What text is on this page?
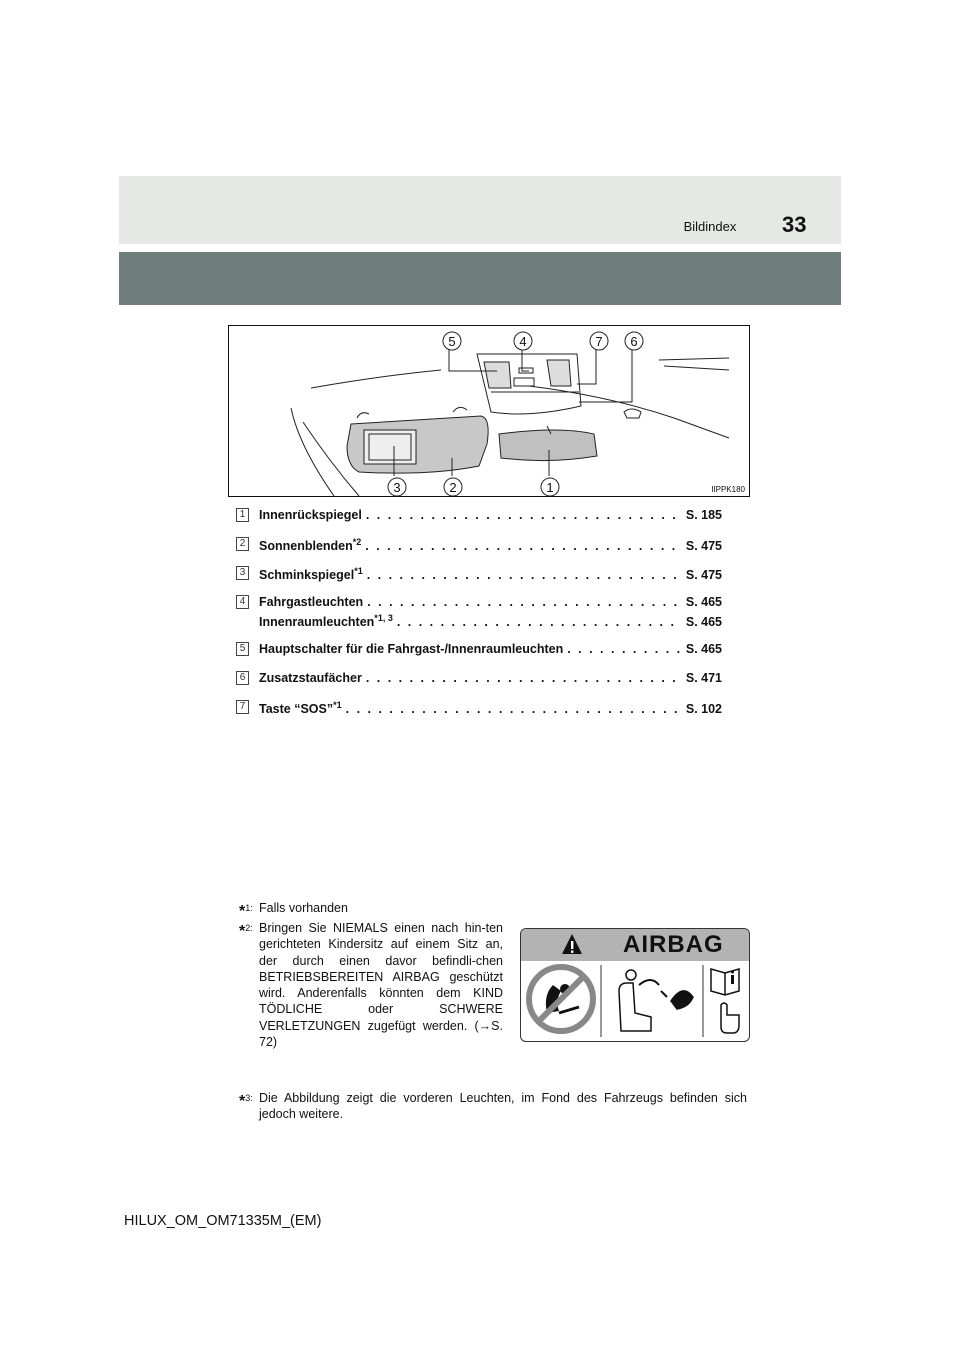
Bildindex	33
5	4	7 6
3	2	1	IIPPK180
1 Innenrückspiegel . . .	S. 185
2 Sonnenblenden$^{*2}$ . . .	S. 475
3 Schminkspiegel$^{*1}$ . . .	S. 475
4 Fahrgastleuchten . . .	S. 465
Innenraumleuchten$^{*1, 3}$ . . .	S. 465
5 Hauptschalter für die Fahrgast-/Innenraumleuchten . . .	S. 465
6 Zusatzstaufächer . . .	S. 471
7 Taste “SOS”$^{*1}$ . . .	S. 102
*$^{1:}$ Falls vorhanden
*$^{2:}$ Bringen Sie NIEMALS einen nach hin-ten gerichteten Kindersitz auf einem Sitz an, der durch einen davor befindli-chen BETRIEBSBEREITEN AIRBAG geschützt wird. Anderenfalls könnten dem KIND TÖDLICHE oder SCHWERE VERLETZUNGEN zugefügt werden. (→S. 72)
*$^{3:}$ Die Abbildung zeigt die vorderen Leuchten, im Fond des Fahrzeugs befinden sich jedoch weitere.
AIRBAG
HILUX_OM_OM71335M_(EM)
